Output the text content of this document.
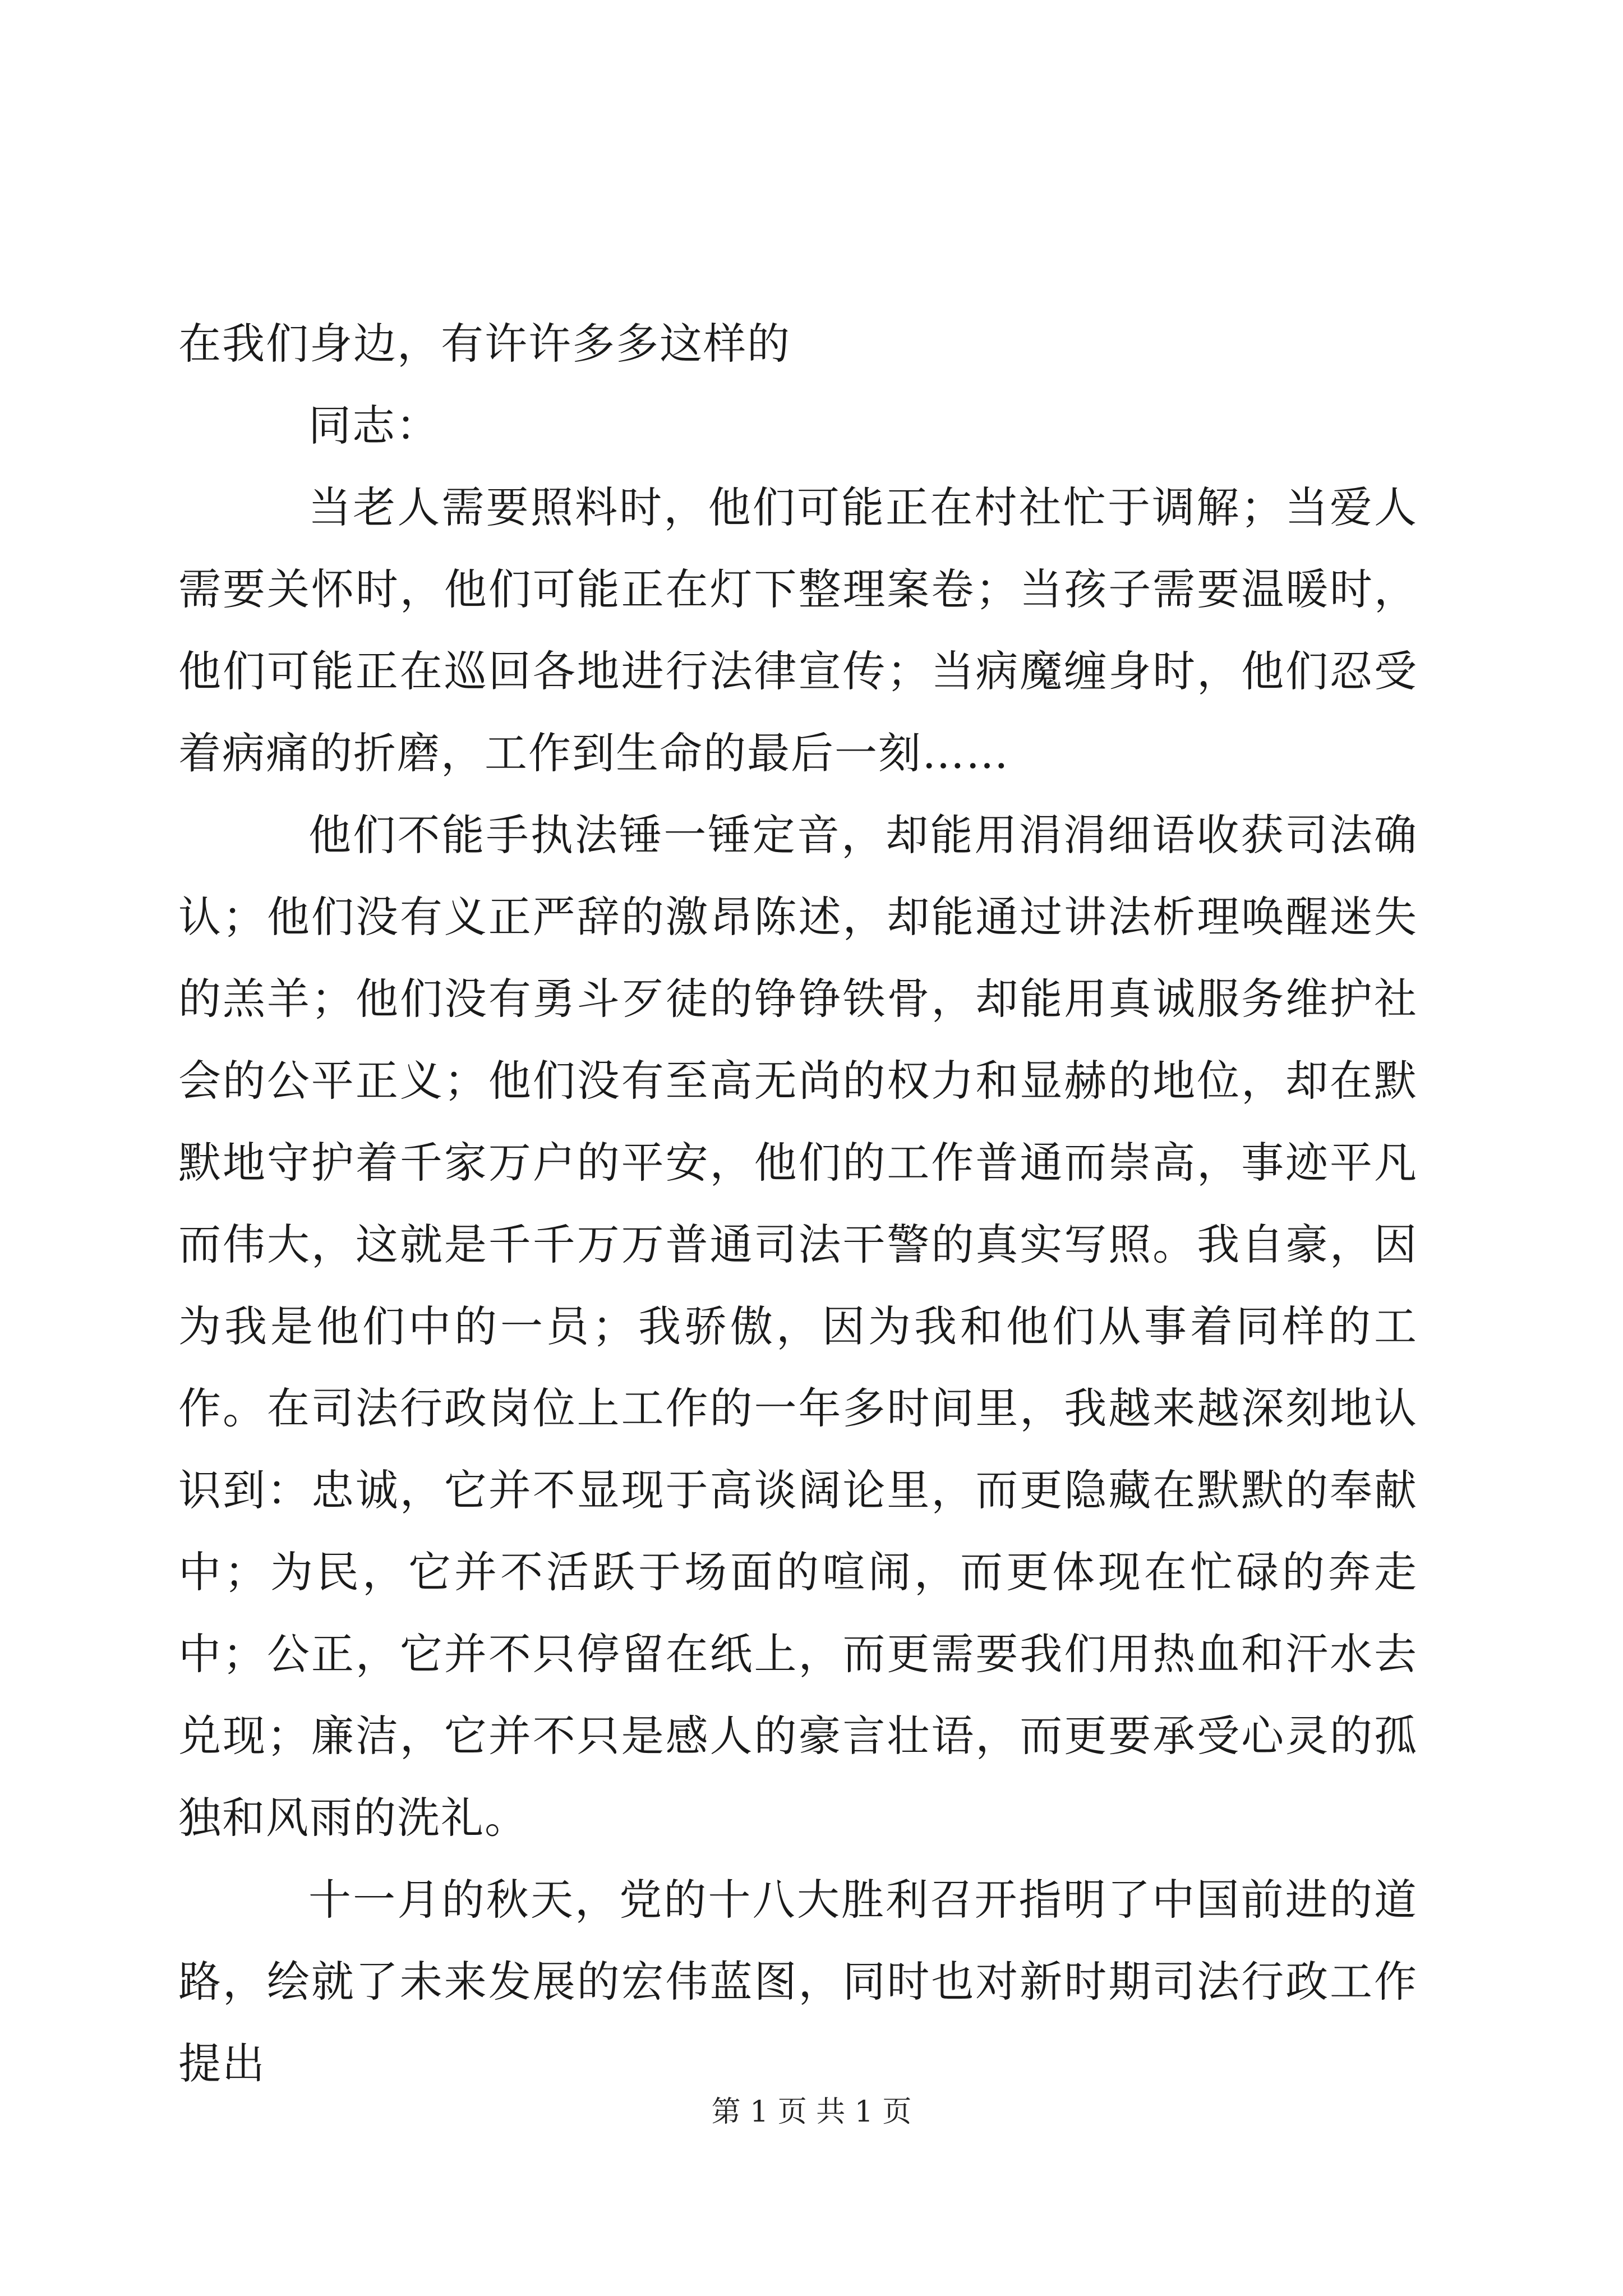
在我们身边，有许许多多这样的

同志：

当老人需要照料时，他们可能正在村社忙于调解；当爱人需要关怀时，他们可能正在灯下整理案卷；当孩子需要温暖时，他们可能正在巡回各地进行法律宣传；当病魔缠身时，他们忍受着病痛的折磨，工作到生命的最后一刻……

他们不能手执法锤一锤定音，却能用涓涓细语收获司法确认；他们没有义正严辞的激昂陈述，却能通过讲法析理唤醒迷失的羔羊；他们没有勇斗歹徒的铮铮铁骨，却能用真诚服务维护社会的公平正义；他们没有至高无尚的权力和显赫的地位，却在默默地守护着千家万户的平安，他们的工作普通而崇高，事迹平凡而伟大，这就是千千万万普通司法干警的真实写照。我自豪，因为我是他们中的一员；我骄傲，因为我和他们从事着同样的工作。在司法行政岗位上工作的一年多时间里，我越来越深刻地认识到：忠诚，它并不显现于高谈阔论里，而更隐藏在默默的奉献中；为民，它并不活跃于场面的喧闹，而更体现在忙碌的奔走中；公正，它并不只停留在纸上，而更需要我们用热血和汗水去兑现；廉洁，它并不只是感人的豪言壮语，而更要承受心灵的孤独和风雨的洗礼。

十一月的秋天，党的十八大胜利召开指明了中国前进的道路，绘就了未来发展的宏伟蓝图，同时也对新时期司法行政工作提出

第 1 页 共 1 页
